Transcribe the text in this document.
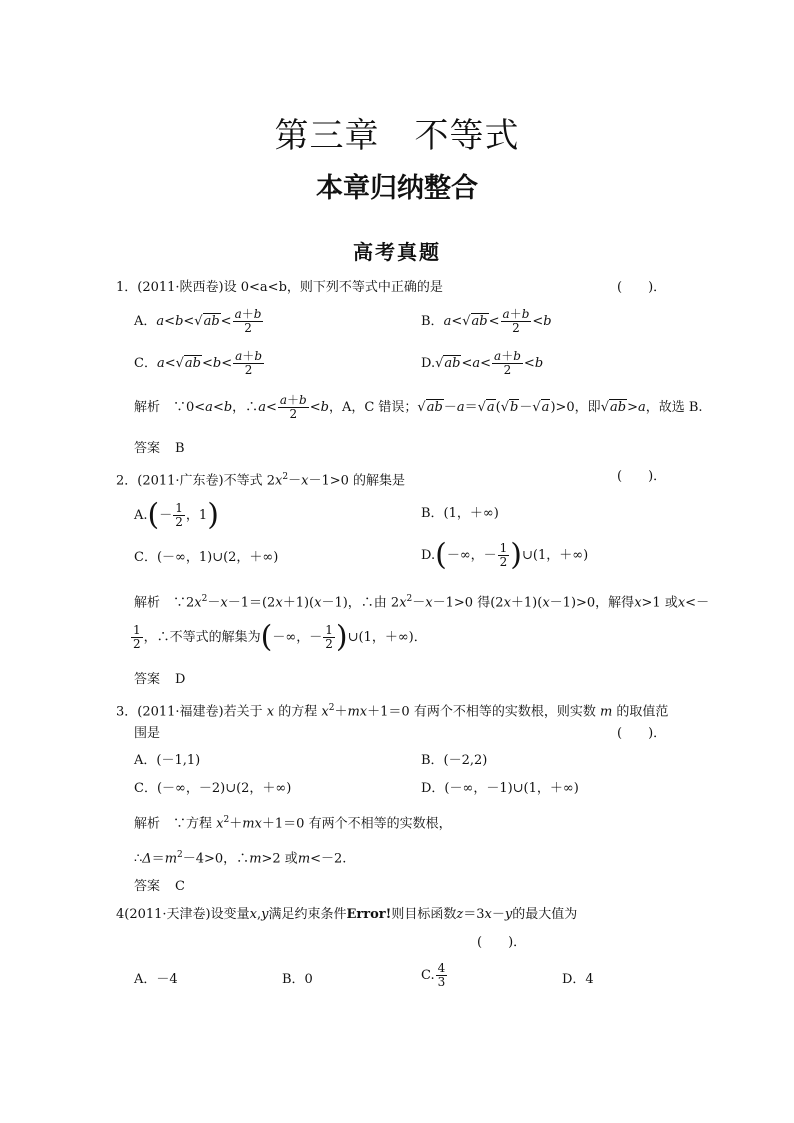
第三章　不等式
本章归纳整合
高考真题
1．(2011·陕西卷)设 0<a<b，则下列不等式中正确的是	(　　)．
A．$a<b<√ab< \frac{a+b}{2}$	B．$a<√ab< \frac{a+b}{2} <b$
C．$a<√ab<b< \frac{a+b}{2}$	$D.√ab<a< \frac{a+b}{2} <b$
解析　∵0<a<b，∴a< $\frac{a+b}{2} <b$，A，C 错误；√ab－a＝√a(√b－√a)>0，即√ab>a，故选 B.
答案 B
2．(2011·广东卷)不等式 $2x^2-x-1>0$ 的解集是	(　　)．
$A.(- \frac{1}{2}$ ，1)	B．(1，＋∞)
C．(－∞，1)∪(2，＋∞)	D.(－∞，－ $\frac{1}{2}$ )∪(1，＋∞)
解析　$\because 2x^2-x-1=(2x+1)(x-1)$，∴由 $2x^2-x-1>0$ 得(2x＋1)(x－1)>0，解得x>1 或x<－
$\frac{1}{2}$ ，∴不等式的解集为(－∞，－ $\frac{1}{2}$ )∪(1，＋∞)．
答案 D
3．(2011·福建卷)若关于 x 的方程 $x^2+mx+1=0$ 有两个不相等的实数根，则实数 m 的取值范
围是	(　　)．
A．(－1,1)	B．(－2,2)
C．(－∞，－2)∪(2，＋∞)	D．(－∞，－1)∪(1，＋∞)
解析　∵方程 $x^2+mx+1=0$ 有两个不相等的实数根，
$\therefore\Delta=m^2-4>0$，∴m>2 或m<－2.
答案 C
4(2011·天津卷)设变量x,y满足约束条件Error!则目标函数z＝3x－y的最大值为
(　　)．
A．－4	B．0	C. $\frac{4}{3}$	D．4
